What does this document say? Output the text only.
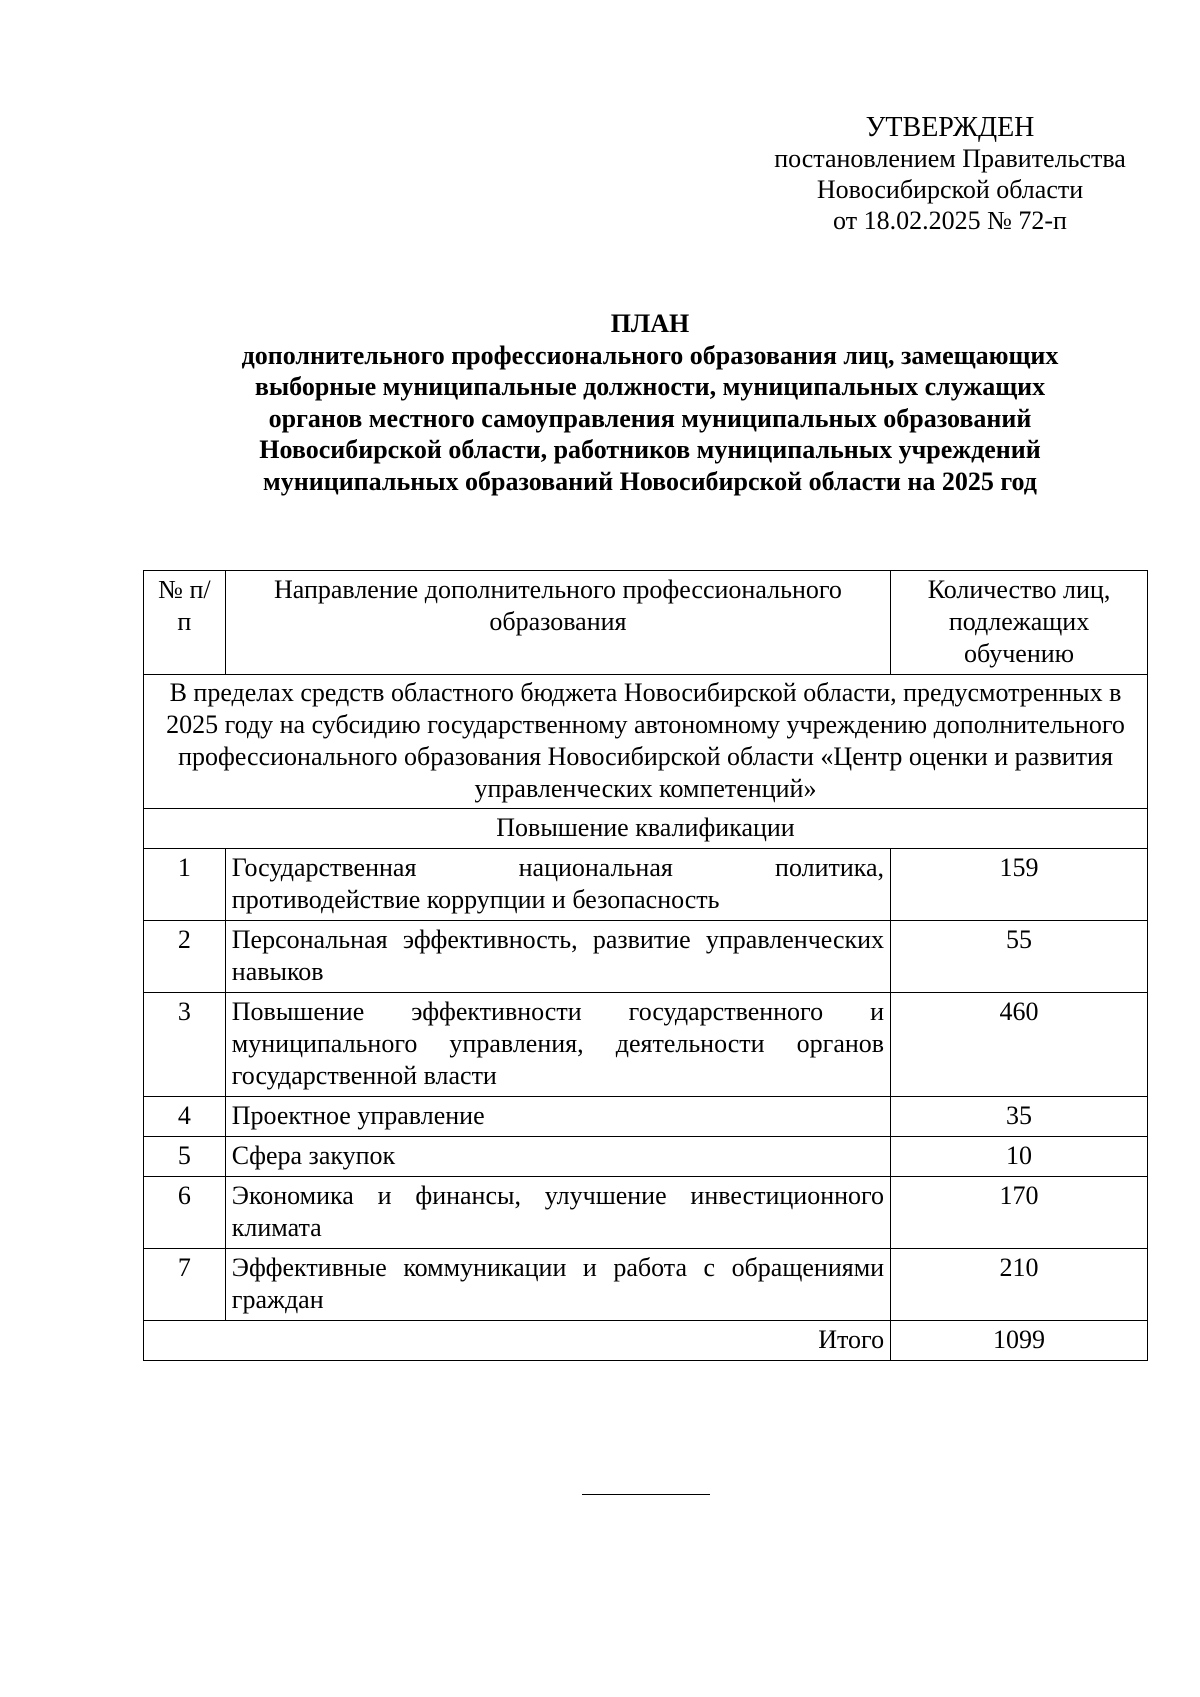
УТВЕРЖДЕН
постановлением Правительства
Новосибирской области
от 18.02.2025 № 72-п
ПЛАН
дополнительного профессионального образования лиц, замещающих
выборные муниципальные должности, муниципальных служащих
органов местного самоуправления муниципальных образований
Новосибирской области, работников муниципальных учреждений
муниципальных образований Новосибирской области на 2025 год
№ п/п	Направление дополнительного профессионального образования	Количество лиц, подлежащих обучению
В пределах средств областного бюджета Новосибирской области, предусмотренных в 2025 году на субсидию государственному автономному учреждению дополнительного профессионального образования Новосибирской области «Центр оценки и развития управленческих компетенций»		
Повышение квалификации		
1	Государственная национальная политика, противодействие коррупции и безопасность	159
2	Персональная эффективность, развитие управленческих навыков	55
3	Повышение эффективности государственного и муниципального управления, деятельности органов государственной власти	460
4	Проектное управление	35
5	Сфера закупок	10
6	Экономика и финансы, улучшение инвестиционного климата	170
7	Эффективные коммуникации и работа с обращениями граждан	210
Итого		1099
